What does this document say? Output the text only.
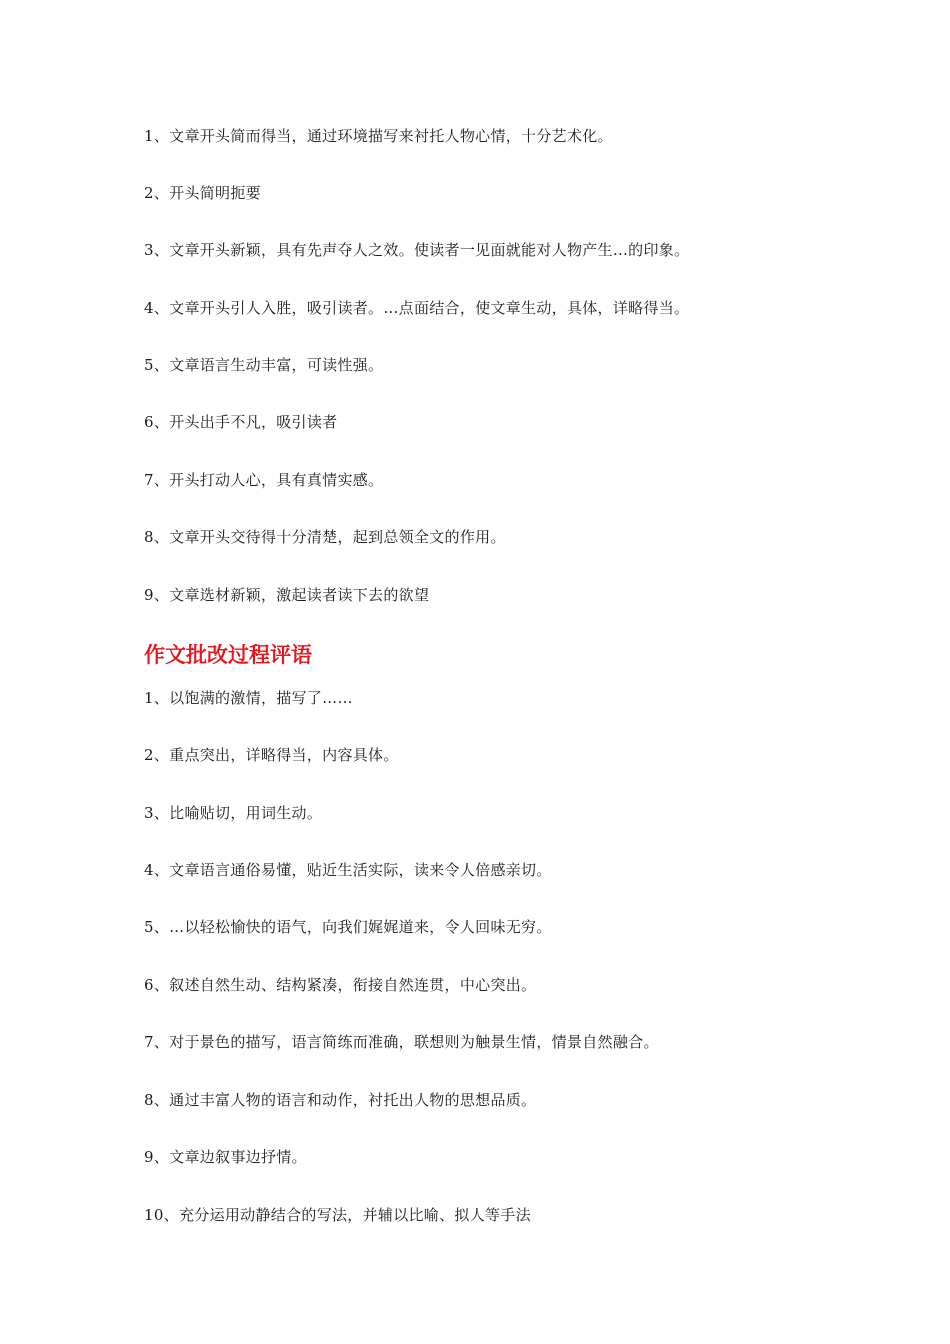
1、文章开头简而得当，通过环境描写来衬托人物心情，十分艺术化。
2、开头简明扼要
3、文章开头新颖，具有先声夺人之效。使读者一见面就能对人物产生…的印象。
4、文章开头引人入胜，吸引读者。…点面结合，使文章生动，具体，详略得当。
5、文章语言生动丰富，可读性强。
6、开头出手不凡，吸引读者
7、开头打动人心，具有真情实感。
8、文章开头交待得十分清楚，起到总领全文的作用。
9、文章选材新颖，激起读者读下去的欲望
作文批改过程评语
1、以饱满的激情，描写了……
2、重点突出，详略得当，内容具体。
3、比喻贴切，用词生动。
4、文章语言通俗易懂，贴近生活实际，读来令人倍感亲切。
5、…以轻松愉快的语气，向我们娓娓道来，令人回味无穷。
6、叙述自然生动、结构紧凑，衔接自然连贯，中心突出。
7、对于景色的描写，语言简练而准确，联想则为触景生情，情景自然融合。
8、通过丰富人物的语言和动作，衬托出人物的思想品质。
9、文章边叙事边抒情。
10、充分运用动静结合的写法，并辅以比喻、拟人等手法
